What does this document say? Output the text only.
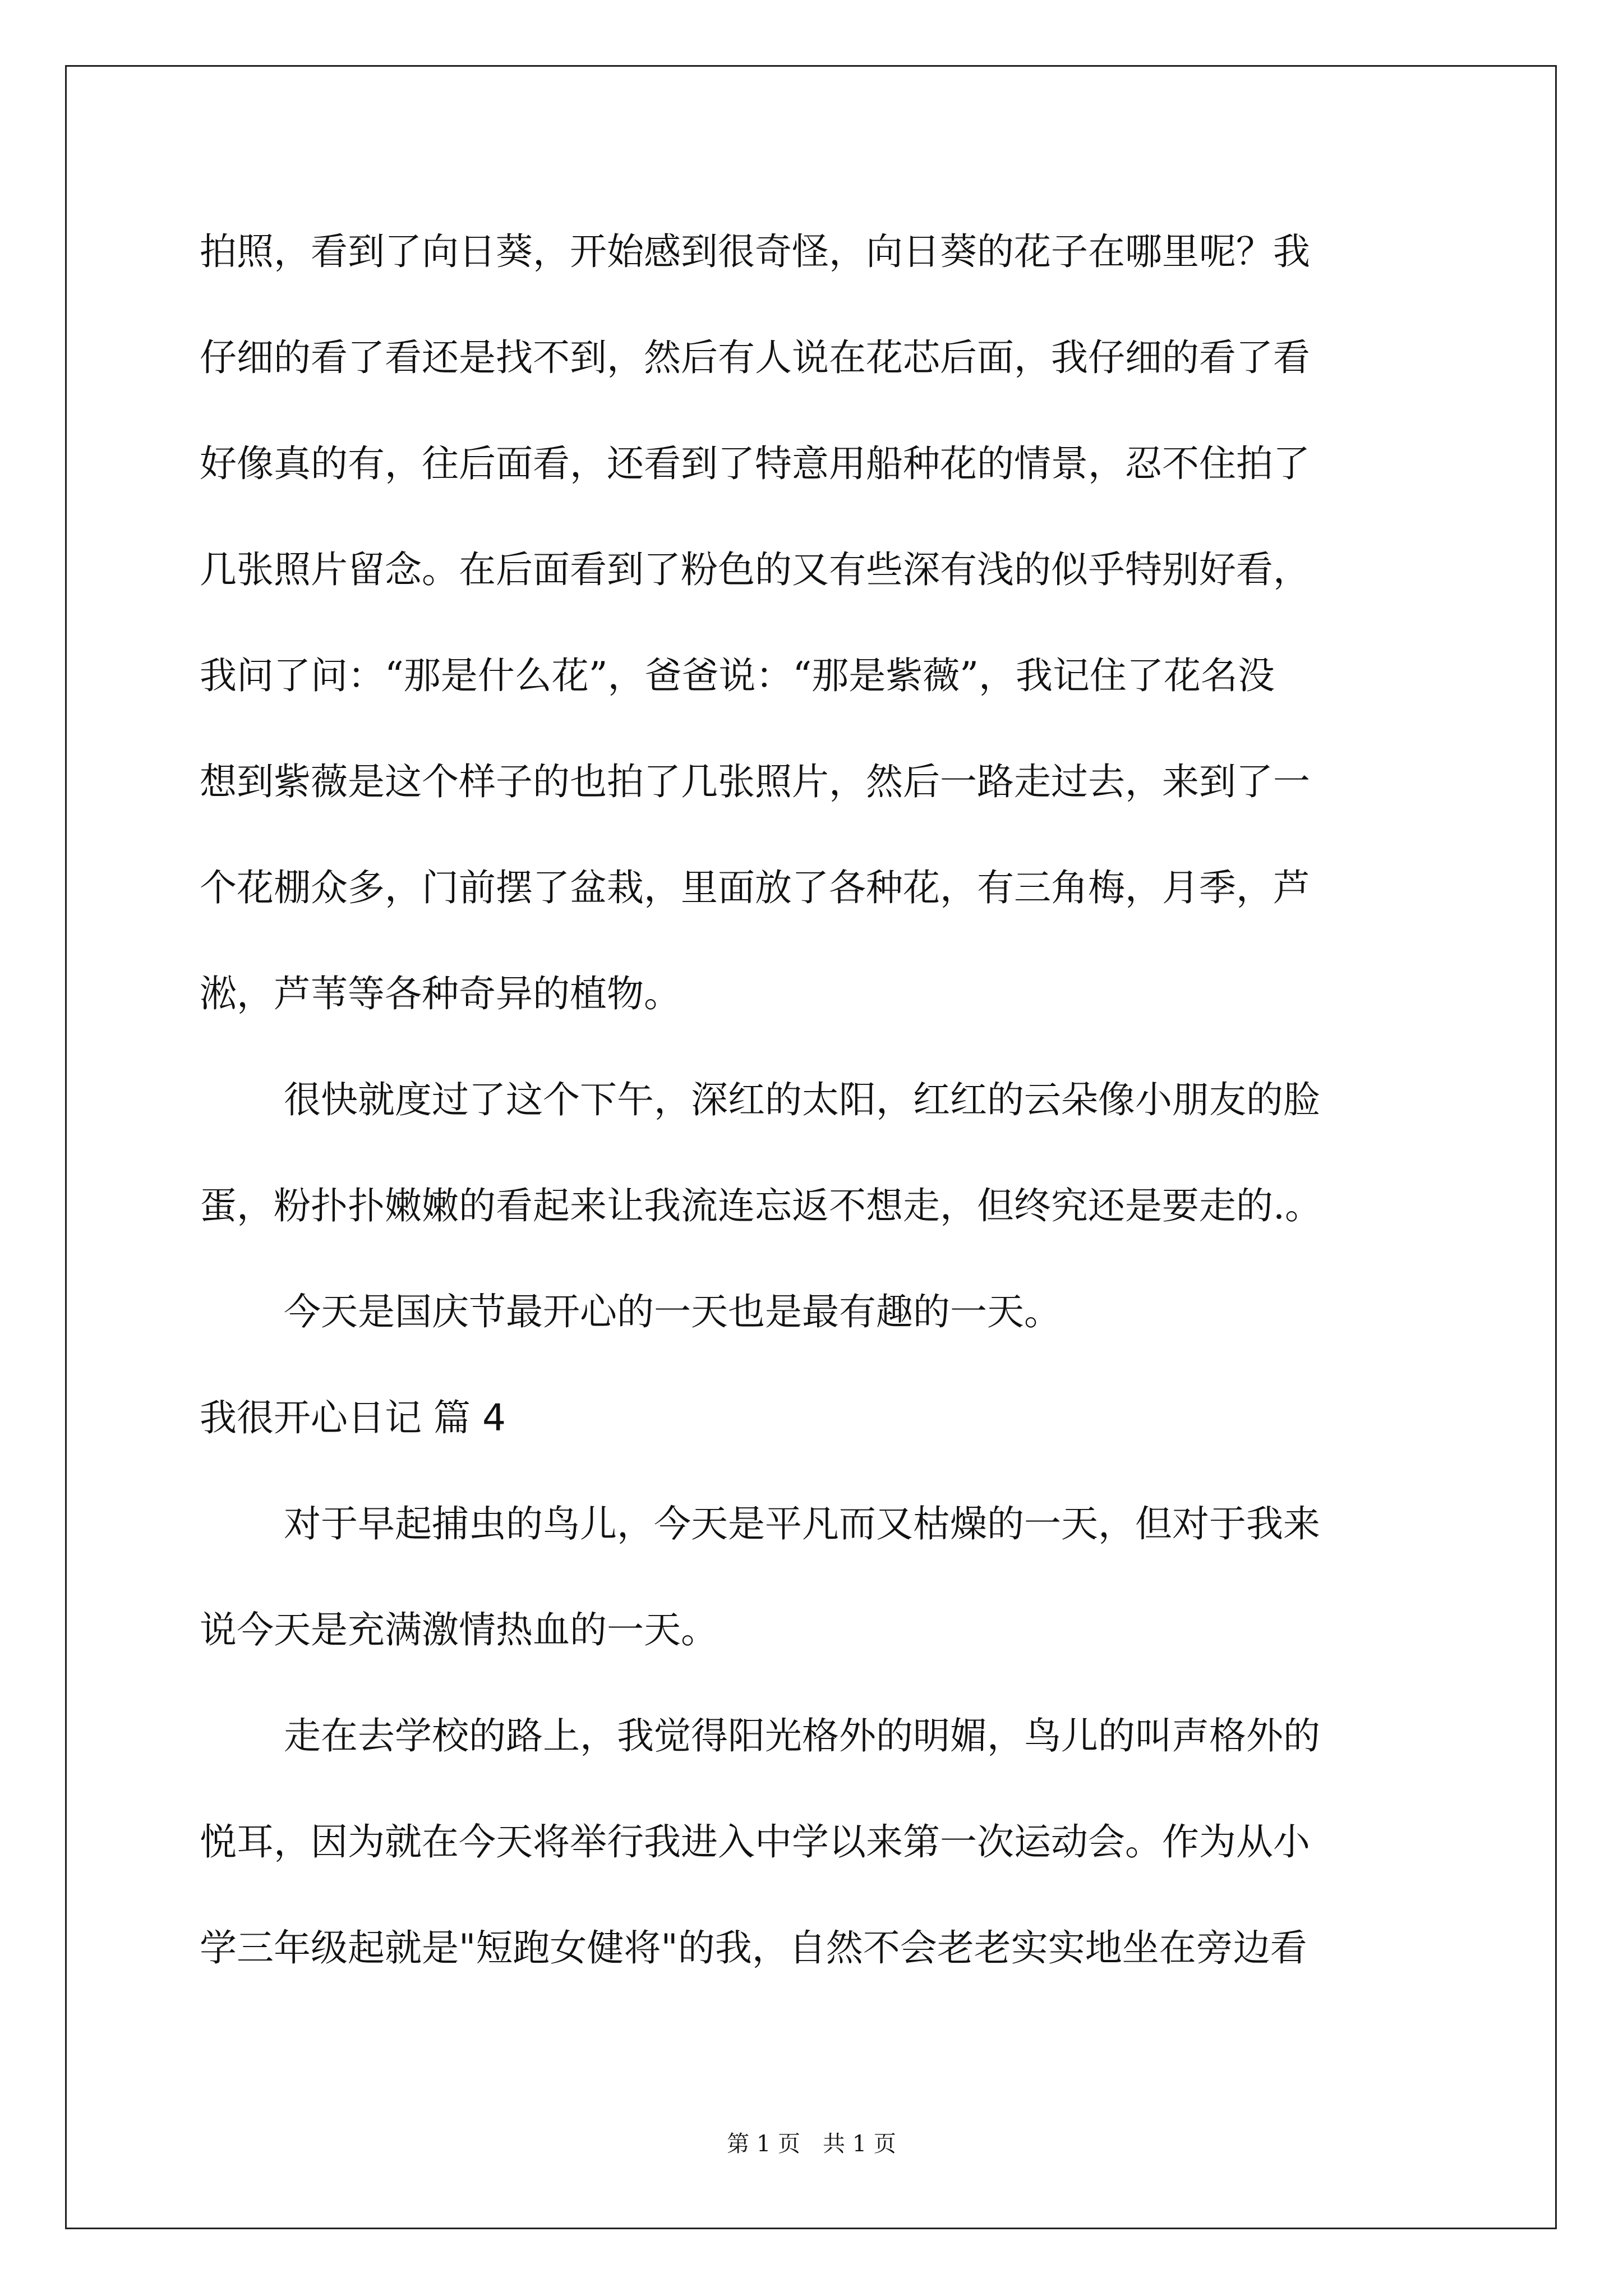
拍照，看到了向日葵，开始感到很奇怪，向日葵的花子在哪里呢？我
仔细的看了看还是找不到，然后有人说在花芯后面，我仔细的看了看
好像真的有，往后面看，还看到了特意用船种花的情景，忍不住拍了
几张照片留念。在后面看到了粉色的又有些深有浅的似乎特别好看，
我问了问：“那是什么花”，爸爸说：“那是紫薇”，我记住了花名没
想到紫薇是这个样子的也拍了几张照片，然后一路走过去，来到了一
个花棚众多，门前摆了盆栽，里面放了各种花，有三角梅，月季，芦
淞，芦苇等各种奇异的植物。
很快就度过了这个下午，深红的太阳，红红的云朵像小朋友的脸
蛋，粉扑扑嫩嫩的看起来让我流连忘返不想走，但终究还是要走的.。
今天是国庆节最开心的一天也是最有趣的一天。
我很开心日记 篇 4
对于早起捕虫的鸟儿，今天是平凡而又枯燥的一天，但对于我来
说今天是充满激情热血的一天。
走在去学校的路上，我觉得阳光格外的明媚，鸟儿的叫声格外的
悦耳，因为就在今天将举行我进入中学以来第一次运动会。作为从小
学三年级起就是"短跑女健将"的我，自然不会老老实实地坐在旁边看
第 1 页　共 1 页
